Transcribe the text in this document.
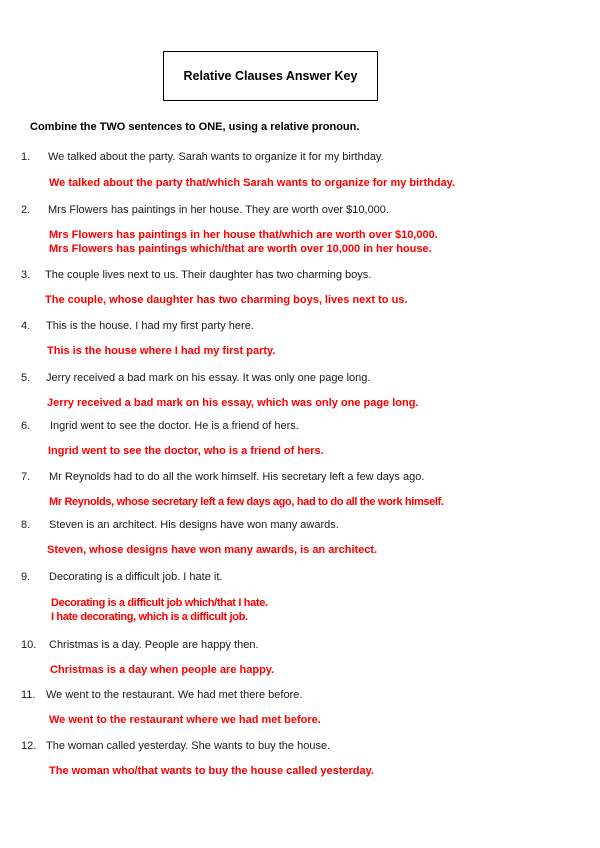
Relative Clauses Answer Key
Combine the TWO sentences to ONE, using a relative pronoun.
1. We talked about the party. Sarah wants to organize it for my birthday.
We talked about the party that/which Sarah wants to organize for my birthday.
2. Mrs Flowers has paintings in her house. They are worth over $10,000.
Mrs Flowers has paintings in her house that/which are worth over $10,000.
Mrs Flowers has paintings which/that are worth over 10,000 in her house.
3. The couple lives next to us. Their daughter has two charming boys.
The couple, whose daughter has two charming boys, lives next to us.
4. This is the house. I had my first party here.
This is the house where I had my first party.
5. Jerry received a bad mark on his essay. It was only one page long.
Jerry received a bad mark on his essay, which was only one page long.
6. Ingrid went to see the doctor. He is a friend of hers.
Ingrid went to see the doctor, who is a friend of hers.
7. Mr Reynolds had to do all the work himself. His secretary left a few days ago.
Mr Reynolds, whose secretary left a few days ago, had to do all the work himself.
8. Steven is an architect. His designs have won many awards.
Steven, whose designs have won many awards, is an architect.
9. Decorating is a difficult job. I hate it.
Decorating is a difficult job which/that I hate.
I hate decorating, which is a difficult job.
10. Christmas is a day. People are happy then.
Christmas is a day when people are happy.
11. We went to the restaurant. We had met there before.
We went to the restaurant where we had met before.
12. The woman called yesterday. She wants to buy the house.
The woman who/that wants to buy the house called yesterday.
